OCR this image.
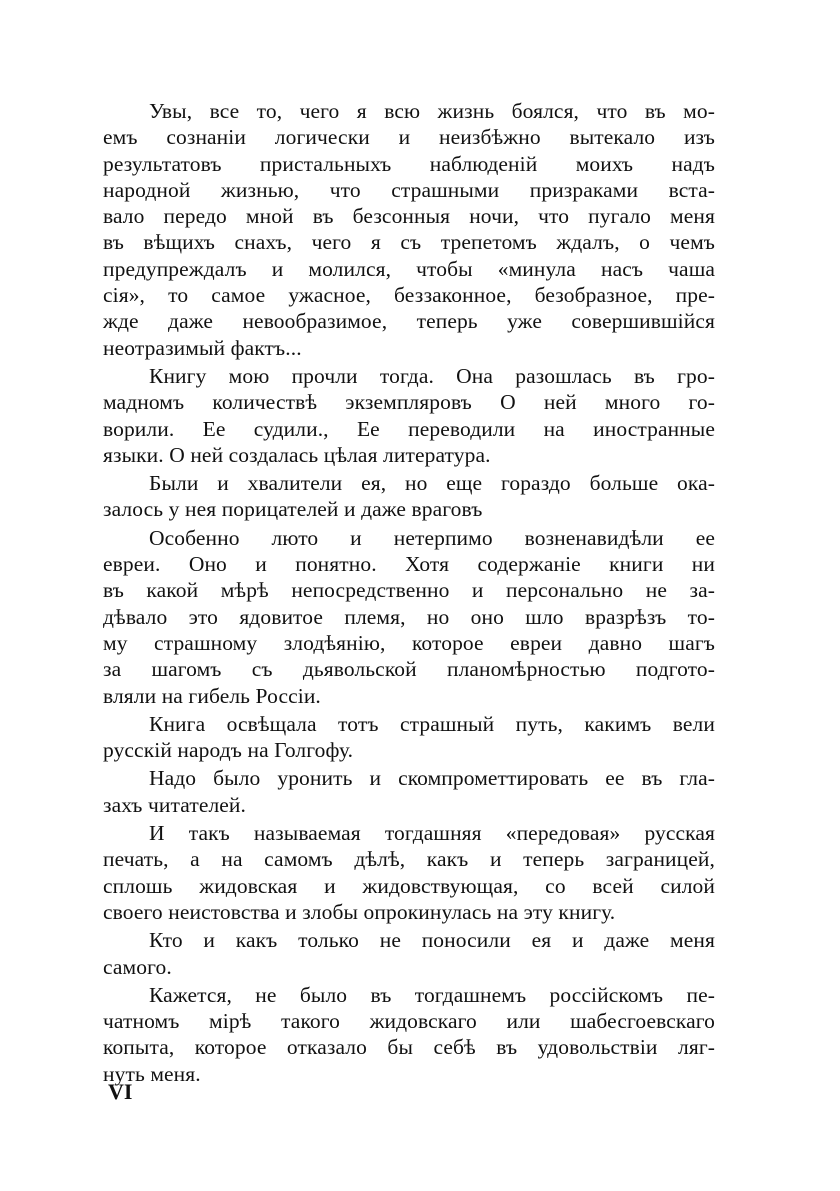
Увы, все то, чего я всю жизнь боялся, что въ мо-
емъ сознанiи логически и неизбѣжно вытекало изъ
результатовъ пристальныхъ наблюденiй моихъ надъ
народной жизнью, что страшными призраками вста-
вало передо мной въ безсонныя ночи, что пугало меня
въ вѣщихъ снахъ, чего я съ трепетомъ ждалъ, о чемъ
предупреждалъ и молился, чтобы «минула насъ чаша
сiя», то самое ужасное, беззаконное, безобразное, пре-
жде даже невообразимое, теперь уже совершившiйся
неотразимый фактъ...
Книгу мою прочли тогда. Она разошлась въ гро-
мадномъ количествѣ экземпляровъ О ней много го-
ворили. Ее судили., Ее переводили на иностранные
языки. О ней создалась цѣлая литература.
Были и хвалители ея, но еще гораздо больше ока-
залось у нея порицателей и даже враговъ
Особенно люто и нетерпимо возненавидѣли ее
евреи. Оно и понятно. Хотя содержанiе книги ни
въ какой мѣрѣ непосредственно и персонально не за-
дѣвало это ядовитое племя, но оно шло вразрѣзъ то-
му страшному злодѣянiю, которое евреи давно шагъ
за шагомъ съ дьявольской планомѣрностью подгото-
вляли на гибель Россiи.
Книга освѣщала тотъ страшный путь, какимъ вели
русскiй народъ на Голгофу.
Надо было уронить и скомпрометтировать ее въ гла-
захъ читателей.
И такъ называемая тогдашняя «передовая» русская
печать, а на самомъ дѣлѣ, какъ и теперь заграницей,
сплошь жидовская и жидовствующая, со всей силой
своего неистовства и злобы опрокинулась на эту книгу.
Кто и какъ только не поносили ея и даже меня
самого.
Кажется, не было въ тогдашнемъ россiйскомъ пе-
чатномъ мiрѣ такого жидовскаго или шабесгоевскаго
копыта, которое отказало бы себѣ въ удовольствiи ляг-
нуть меня.
VI
